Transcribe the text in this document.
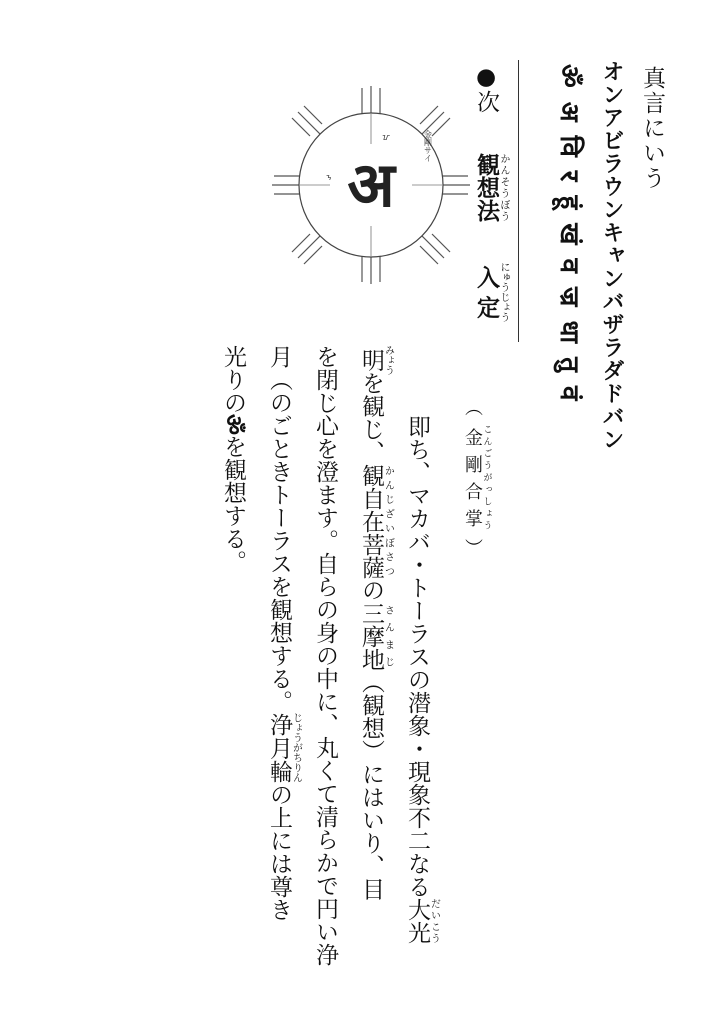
真言にいう
オンアビラウンキャンバザラダドバン
ॐअविरहूंखंवज्रधातुवं
●次観想法かんそうぼう入定にゅうじょう
अ
ᝉ
ᝂ
金剛サイ
（ 金剛合掌こんごうがっしょう ）
即ち、マカバ・トーラスの潜象・現象不二なる大光だいこう
明みょうを観じ、観自在菩薩かんじざいぼさつの三摩地さんまじ（観想）にはいり、目
を閉じ心を澄ます。自らの身の中に、丸くて清らかで円い浄
月（のごときトーラスを観想する。浄月輪じょうがちりんの上には尊き
光りのॐを観想する。
